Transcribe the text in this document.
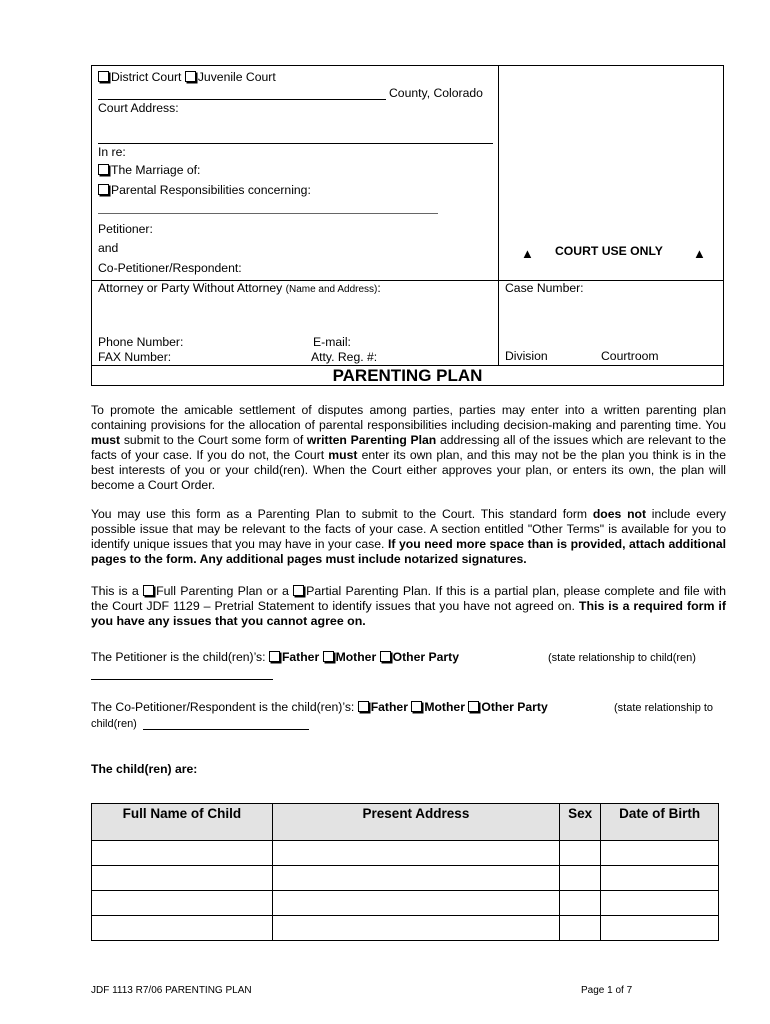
District Court Juvenile Court
County, Colorado
Court Address:
In re:
The Marriage of:
Parental Responsibilities concerning:
Petitioner:
and
Co-Petitioner/Respondent:
Attorney or Party Without Attorney (Name and Address):
Phone Number:	E-mail:
FAX Number:	Atty. Reg. #:
▲ COURT USE ONLY ▲
Case Number:
Division	Courtroom
PARENTING PLAN
To promote the amicable settlement of disputes among parties, parties may enter into a written parenting plan containing provisions for the allocation of parental responsibilities including decision-making and parenting time. You must submit to the Court some form of written Parenting Plan addressing all of the issues which are relevant to the facts of your case. If you do not, the Court must enter its own plan, and this may not be the plan you think is in the best interests of you or your child(ren). When the Court either approves your plan, or enters its own, the plan will become a Court Order.
You may use this form as a Parenting Plan to submit to the Court. This standard form does not include every possible issue that may be relevant to the facts of your case. A section entitled "Other Terms" is available for you to identify unique issues that you may have in your case. If you need more space than is provided, attach additional pages to the form. Any additional pages must include notarized signatures.
This is a Full Parenting Plan or a Partial Parenting Plan. If this is a partial plan, please complete and file with the Court JDF 1129 – Pretrial Statement to identify issues that you have not agreed on. This is a required form if you have any issues that you cannot agree on.
The Petitioner is the child(ren)’s: Father Mother Other Party	(state relationship to child(ren)
The Co-Petitioner/Respondent is the child(ren)’s: Father Mother Other Party	(state relationship to
child(ren)
The child(ren) are:
Full Name of Child	Present Address	Sex	Date of Birth

JDF 1113 R7/06 PARENTING PLAN	Page 1 of 7
